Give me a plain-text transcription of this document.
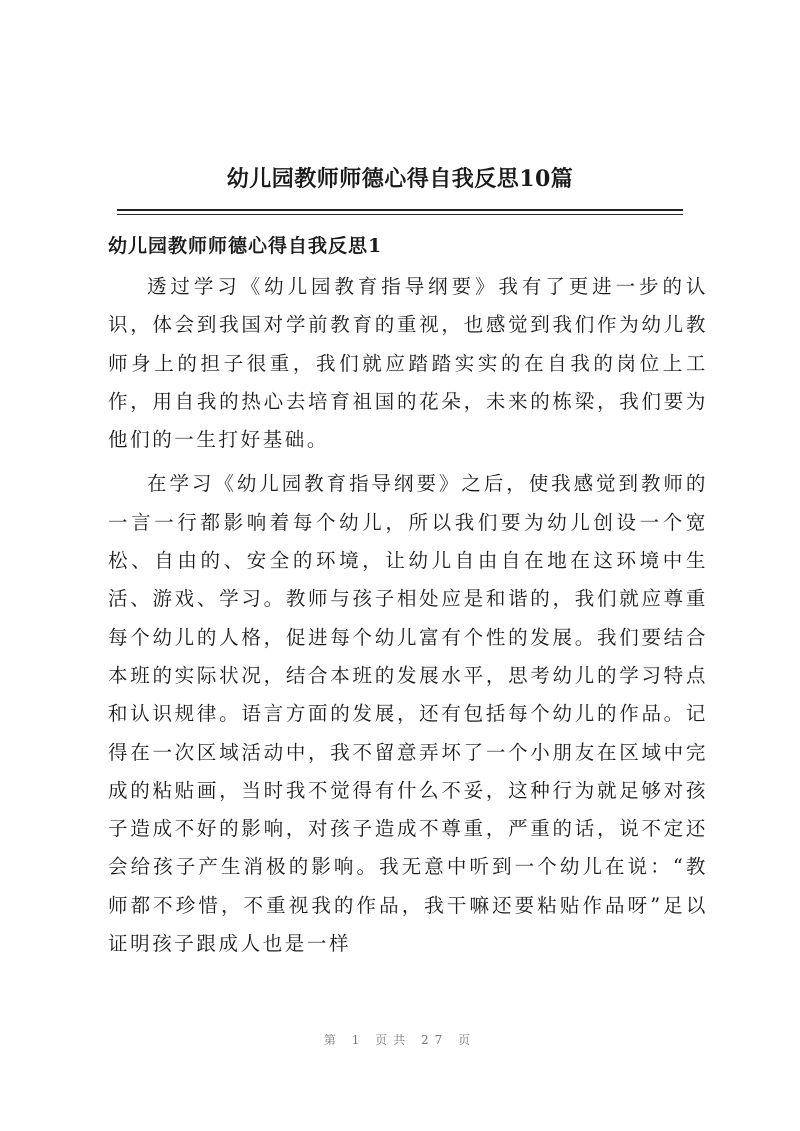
幼儿园教师师德心得自我反思10篇
幼儿园教师师德心得自我反思1

透过学习《幼儿园教育指导纲要》我有了更进一步的认识，体会到我国对学前教育的重视，也感觉到我们作为幼儿教师身上的担子很重，我们就应踏踏实实的在自我的岗位上工作，用自我的热心去培育祖国的花朵，未来的栋梁，我们要为他们的一生打好基础。

在学习《幼儿园教育指导纲要》之后，使我感觉到教师的一言一行都影响着每个幼儿，所以我们要为幼儿创设一个宽松、自由的、安全的环境，让幼儿自由自在地在这环境中生活、游戏、学习。教师与孩子相处应是和谐的，我们就应尊重每个幼儿的人格，促进每个幼儿富有个性的发展。我们要结合本班的实际状况，结合本班的发展水平，思考幼儿的学习特点和认识规律。语言方面的发展，还有包括每个幼儿的作品。记得在一次区域活动中，我不留意弄坏了一个小朋友在区域中完成的粘贴画，当时我不觉得有什么不妥，这种行为就足够对孩子造成不好的影响，对孩子造成不尊重，严重的话，说不定还会给孩子产生消极的影响。我无意中听到一个幼儿在说：“教师都不珍惜，不重视我的作品，我干嘛还要粘贴作品呀”足以证明孩子跟成人也是一样

第 1 页共 27 页
